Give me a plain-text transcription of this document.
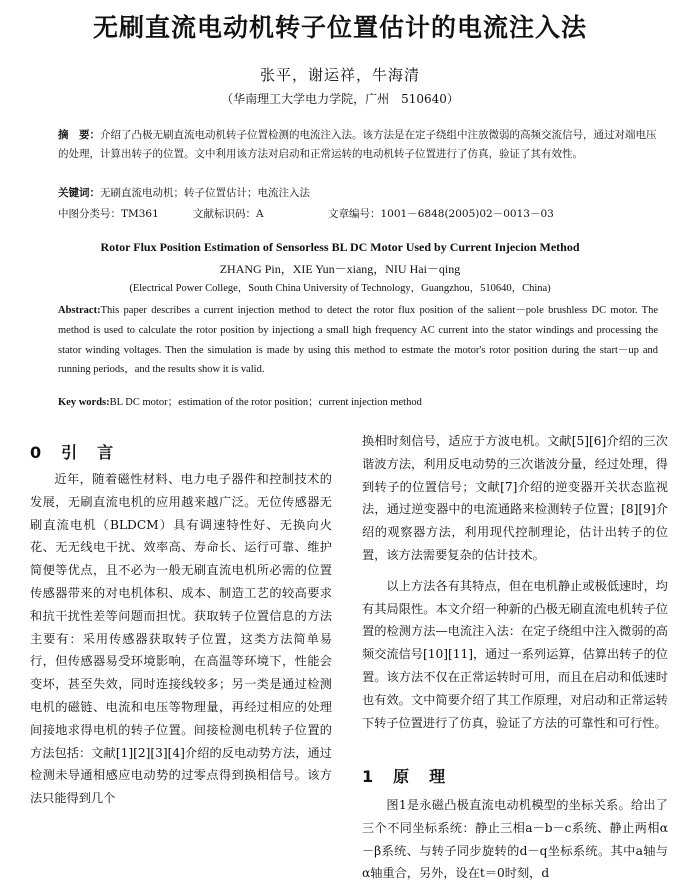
无刷直流电动机转子位置估计的电流注入法
张平，谢运祥，牛海清
（华南理工大学电力学院，广州　510640）
摘　要：介绍了凸极无刷直流电动机转子位置检测的电流注入法。该方法是在定子绕组中注放微弱的高频交流信号，通过对端电压的处理，计算出转子的位置。文中利用该方法对启动和正常运转的电动机转子位置进行了仿真，验证了其有效性。
关键词：无刷直流电动机；转子位置估计；电流注入法
中图分类号：TM361	文献标识码：A	文章编号：1001－6848(2005)02－0013－03
Rotor Flux Position Estimation of Sensorless BL DC Motor Used by Current Injecion Method
ZHANG Pin，XIE Yun－xiang，NIU Hai－qing
(Electrical Power College，South China University of Technology，Guangzhou，510640，China)
Abstract:This paper describes a current injection method to detect the rotor flux position of the salient－pole brushless DC motor. The method is used to calculate the rotor position by injectiong a small high frequency AC current into the stator windings and processing the stator winding voltages. Then the simulation is made by using this method to estmate the motor's rotor position during the start－up and running periods，and the results show it is valid.
Key words:BL DC motor；estimation of the rotor position；current injection method
0 引　言

近年，随着磁性材料、电力电子器件和控制技术的发展，无刷直流电机的应用越来越广泛。无位传感器无刷直流电机（BLDCM）具有调速特性好、无换向火花、无无线电干扰、效率高、寿命长、运行可靠、维护简便等优点，且不必为一般无刷直流电机所必需的位置传感器带来的对电机体积、成本、制造工艺的较高要求和抗干扰性差等问题而担忧。获取转子位置信息的方法主要有：采用传感器获取转子位置，这类方法简单易行，但传感器易受环境影响，在高温等环境下，性能会变坏，甚至失效，同时连接线较多；另一类是通过检测电机的磁链、电流和电压等物理量，再经过相应的处理间接地求得电机的转子位置。间接检测电机转子位置的方法包括：文献[1][2][3][4]介绍的反电动势方法，通过检测未导通相感应电动势的过零点得到换相信号。该方法只能得到几个

换相时刻信号，适应于方波电机。文献[5][6]介绍的三次谐波方法，利用反电动势的三次谐波分量，经过处理，得到转子的位置信号；文献[7]介绍的逆变器开关状态监视法，通过逆变器中的电流通路来检测转子位置；[8][9]介绍的观察器方法，利用现代控制理论，估计出转子的位置，该方法需要复杂的估计技术。

以上方法各有其特点，但在电机静止或极低速时，均有其局限性。本文介绍一种新的凸极无刷直流电机转子位置的检测方法—电流注入法：在定子绕组中注入微弱的高频交流信号[10][11]，通过一系列运算，估算出转子的位置。该方法不仅在正常运转时可用，而且在启动和低速时也有效。文中简要介绍了其工作原理，对启动和正常运转下转子位置进行了仿真，验证了方法的可靠性和可行性。

1 原　理

图1是永磁凸极直流电动机模型的坐标关系。给出了三个不同坐标系统：静止三相a－b－c系统、静止两相α－β系统、与转子同步旋转的d－q坐标系统。其中a轴与α轴重合，另外，设在t＝0时刻，d
